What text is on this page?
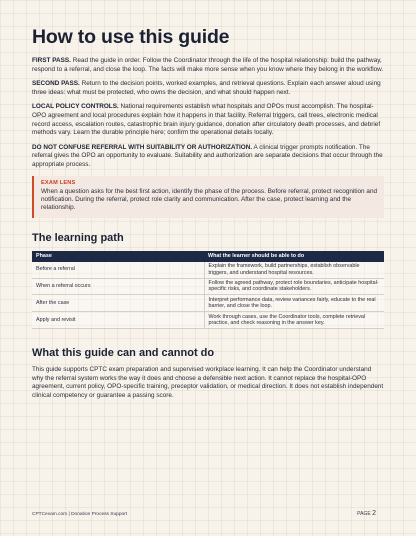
How to use this guide

FIRST PASS. Read the guide in order. Follow the Coordinator through the life of the hospital relationship: build the pathway, respond to a referral, and close the loop. The facts will make more sense when you know where they belong in the workflow.

SECOND PASS. Return to the decision points, worked examples, and retrieval questions. Explain each answer aloud using three ideas: what must be protected, who owns the decision, and what should happen next.

LOCAL POLICY CONTROLS. National requirements establish what hospitals and OPOs must accomplish. The hospital-OPO agreement and local procedures explain how it happens in that facility. Referral triggers, call trees, electronic medical record access, escalation routes, catastrophic brain injury guidance, donation after circulatory death processes, and debrief methods vary. Learn the durable principle here; confirm the operational details locally.

DO NOT CONFUSE REFERRAL WITH SUITABILITY OR AUTHORIZATION. A clinical trigger prompts notification. The referral gives the OPO an opportunity to evaluate. Suitability and authorization are separate decisions that occur through the appropriate process.

EXAM LENS
When a question asks for the best first action, identify the phase of the process. Before referral, protect recognition and notification. During the referral, protect role clarity and communication. After the case, protect learning and the relationship.
The learning path
Phase	What the learner should be able to do
Before a referral	Explain the framework, build partnerships, establish observable triggers, and understand hospital resources.
When a referral occurs	Follow the agreed pathway, protect role boundaries, anticipate hospital-specific risks, and coordinate stakeholders.
After the case	Interpret performance data, review variances fairly, educate to the real barrier, and close the loop.
Apply and revisit	Work through cases, use the Coordinator tools, complete retrieval practice, and check reasoning in the answer key.
What this guide can and cannot do

This guide supports CPTC exam preparation and supervised workplace learning. It can help the Coordinator understand why the referral system works the way it does and choose a defensible next action. It cannot replace the hospital-OPO agreement, current policy, OPO-specific training, preceptor validation, or medical direction. It does not establish independent clinical competency or guarantee a passing score.

CPTCexam.com | Donation Process Support	PAGE 2
